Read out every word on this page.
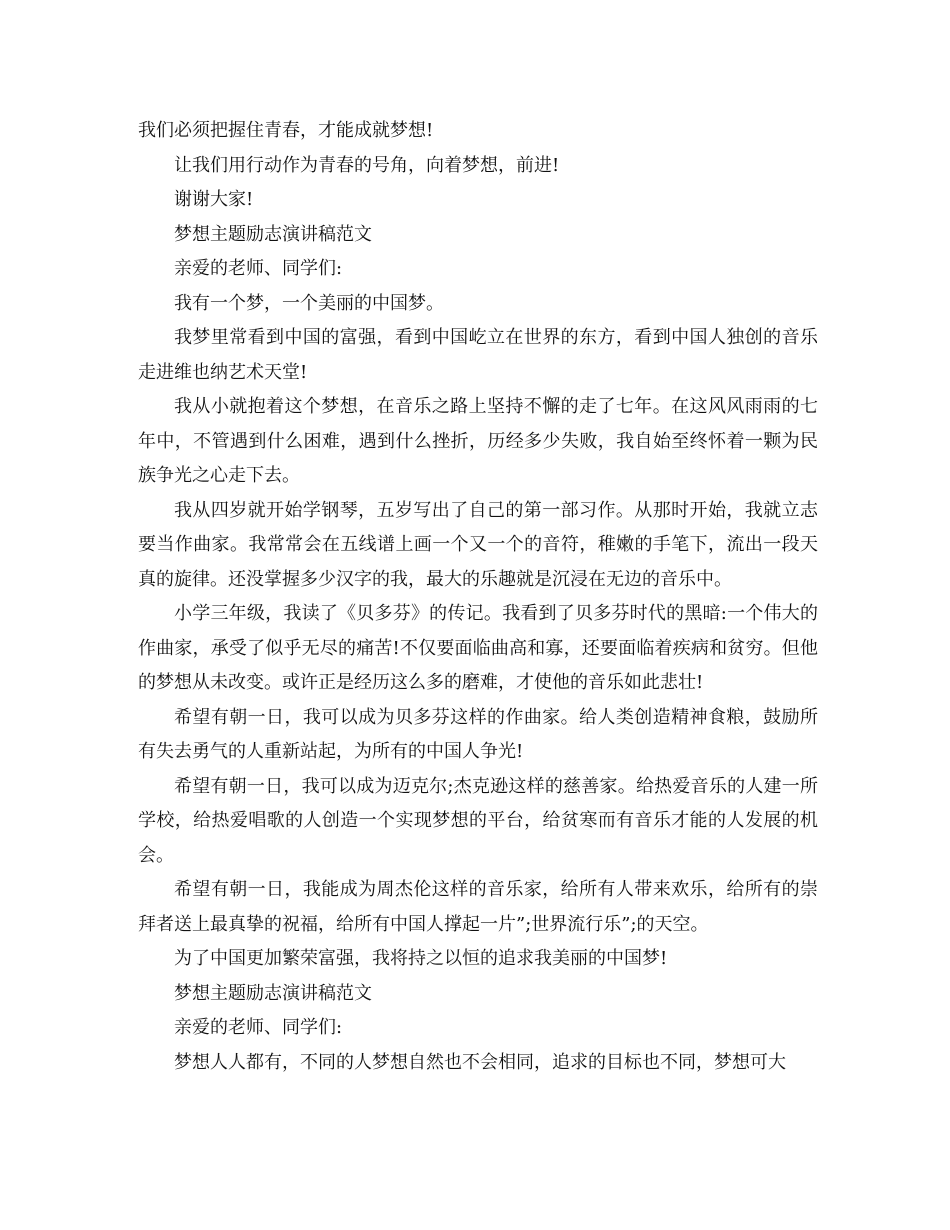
我们必须把握住青春，才能成就梦想!

让我们用行动作为青春的号角，向着梦想，前进!

谢谢大家!

梦想主题励志演讲稿范文

亲爱的老师、同学们:

我有一个梦，一个美丽的中国梦。

我梦里常看到中国的富强，看到中国屹立在世界的东方，看到中国人独创的音乐走进维也纳艺术天堂!

我从小就抱着这个梦想，在音乐之路上坚持不懈的走了七年。在这风风雨雨的七年中，不管遇到什么困难，遇到什么挫折，历经多少失败，我自始至终怀着一颗为民族争光之心走下去。

我从四岁就开始学钢琴，五岁写出了自己的第一部习作。从那时开始，我就立志要当作曲家。我常常会在五线谱上画一个又一个的音符，稚嫩的手笔下，流出一段天真的旋律。还没掌握多少汉字的我，最大的乐趣就是沉浸在无边的音乐中。

小学三年级，我读了《贝多芬》的传记。我看到了贝多芬时代的黑暗:一个伟大的作曲家，承受了似乎无尽的痛苦!不仅要面临曲高和寡，还要面临着疾病和贫穷。但他的梦想从未改变。或许正是经历这么多的磨难，才使他的音乐如此悲壮!

希望有朝一日，我可以成为贝多芬这样的作曲家。给人类创造精神食粮，鼓励所有失去勇气的人重新站起，为所有的中国人争光!

希望有朝一日，我可以成为迈克尔;杰克逊这样的慈善家。给热爱音乐的人建一所学校，给热爱唱歌的人创造一个实现梦想的平台，给贫寒而有音乐才能的人发展的机会。

希望有朝一日，我能成为周杰伦这样的音乐家，给所有人带来欢乐，给所有的崇拜者送上最真挚的祝福，给所有中国人撑起一片”;世界流行乐”;的天空。

为了中国更加繁荣富强，我将持之以恒的追求我美丽的中国梦!

梦想主题励志演讲稿范文

亲爱的老师、同学们:

梦想人人都有，不同的人梦想自然也不会相同，追求的目标也不同，梦想可大
